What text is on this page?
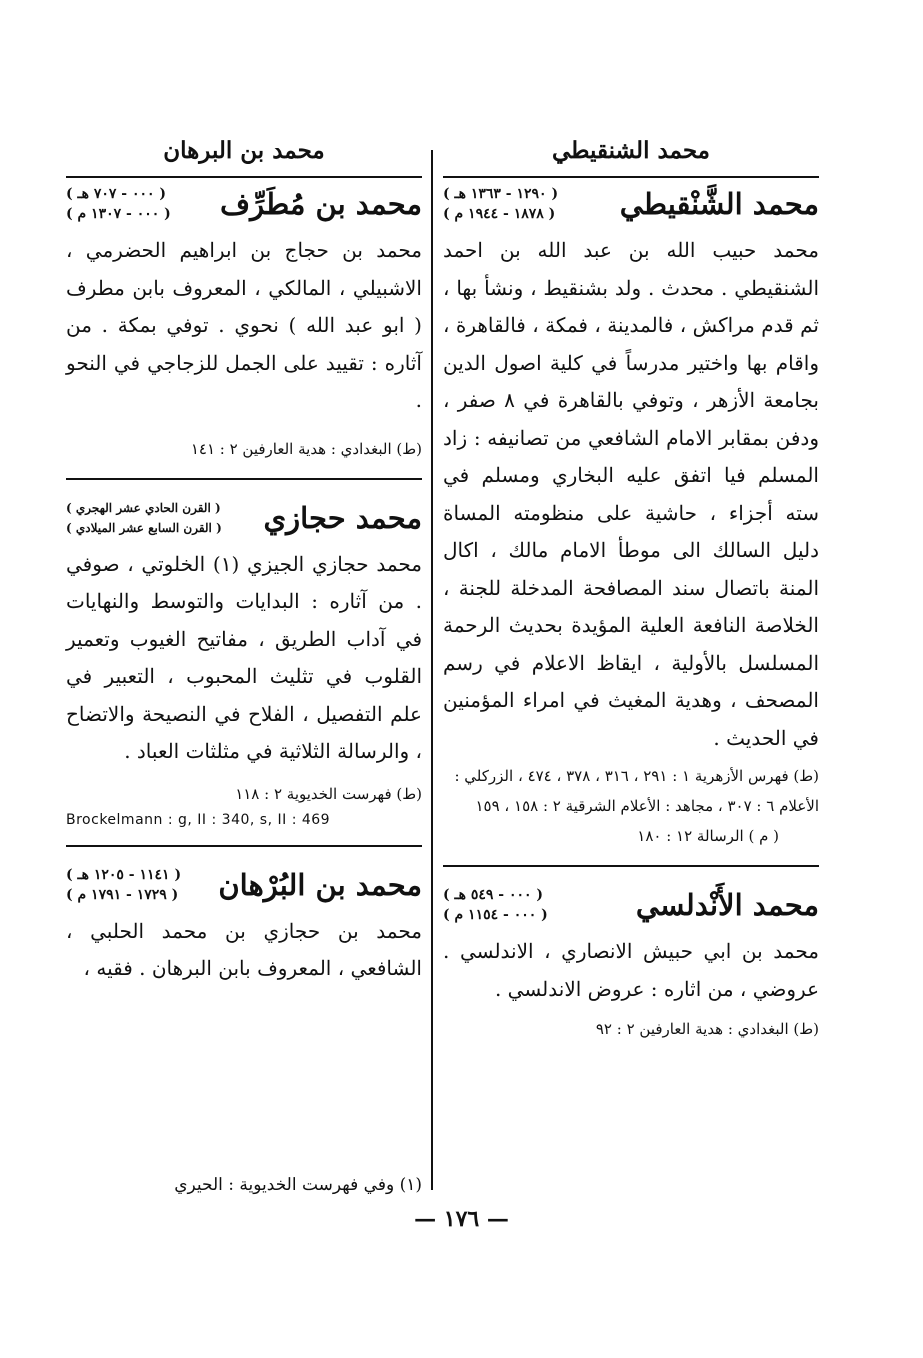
محمد الشنقيطي
محمد الشَّنْقيطي
( ١٢٩٠ - ١٣٦٣ هـ )
( ١٨٧٨ - ١٩٤٤ م )
محمد حبيب الله بن عبد الله بن احمد الشنقيطي . محدث . ولد بشنقيط ، ونشأ بها ، ثم قدم مراكش ، فالمدينة ، فمكة ، فالقاهرة ، واقام بها واختير مدرساً في كلية اصول الدين بجامعة الأزهر ، وتوفي بالقاهرة في ٨ صفر ، ودفن بمقابر الامام الشافعي من تصانيفه : زاد المسلم فيا اتفق عليه البخاري ومسلم في سته أجزاء ، حاشية على منظومته المساة دليل السالك الى موطأ الامام مالك ، اكال المنة باتصال سند المصافحة المدخلة للجنة ، الخلاصة النافعة العلية المؤيدة بحديث الرحمة المسلسل بالأولية ، ايقاظ الاعلام في رسم المصحف ، وهدية المغيث في امراء المؤمنين في الحديث .
(ط) فهرس الأزهرية ١ : ٢٩١ ، ٣١٦ ، ٣٧٨ ، ٤٧٤ ، الزركلي : الأعلام ٦ : ٣٠٧ ، مجاهد : الأعلام الشرقية ٢ : ١٥٨ ، ١٥٩
( م ) الرسالة ١٢ : ١٨٠
محمد الأَنْدلسي
( ٠٠٠ - ٥٤٩ هـ )
( ٠٠٠ - ١١٥٤ م )
محمد بن ابي حبيش الانصاري ، الاندلسي . عروضي ، من اثاره : عروض الاندلسي .
(ط) البغدادي : هدية العارفين ٢ : ٩٢
محمد بن البرهان
محمد بن مُطَرِّف
( ٠٠٠ - ٧٠٧ هـ )
( ٠٠٠ - ١٣٠٧ م )
محمد بن حجاج بن ابراهيم الحضرمي ، الاشبيلي ، المالكي ، المعروف بابن مطرف ( ابو عبد الله ) نحوي . توفي بمكة . من آثاره : تقييد على الجمل للزجاجي في النحو .
(ط) البغدادي : هدية العارفين ٢ : ١٤١
محمد حجازي
( القرن الحادي عشر الهجري )
( القرن السابع عشر الميلادي )
محمد حجازي الجيزي (١) الخلوتي ، صوفي . من آثاره : البدايات والتوسط والنهايات في آداب الطريق ، مفاتيح الغيوب وتعمير القلوب في تثليث المحبوب ، التعبير في علم التفصيل ، الفلاح في النصيحة والاتضاح ، والرسالة الثلاثية في مثلثات العباد .
(ط) فهرست الخديوية ٢ : ١١٨
Brockelmann : g, II : 340, s, II : 469
محمد بن البُرْهان
( ١١٤١ - ١٢٠٥ هـ )
( ١٧٢٩ - ١٧٩١ م )
محمد بن حجازي بن محمد الحلبي ، الشافعي ، المعروف بابن البرهان . فقيه ،
(١) وفي فهرست الخديوية : الحيري
— ١٧٦ —
